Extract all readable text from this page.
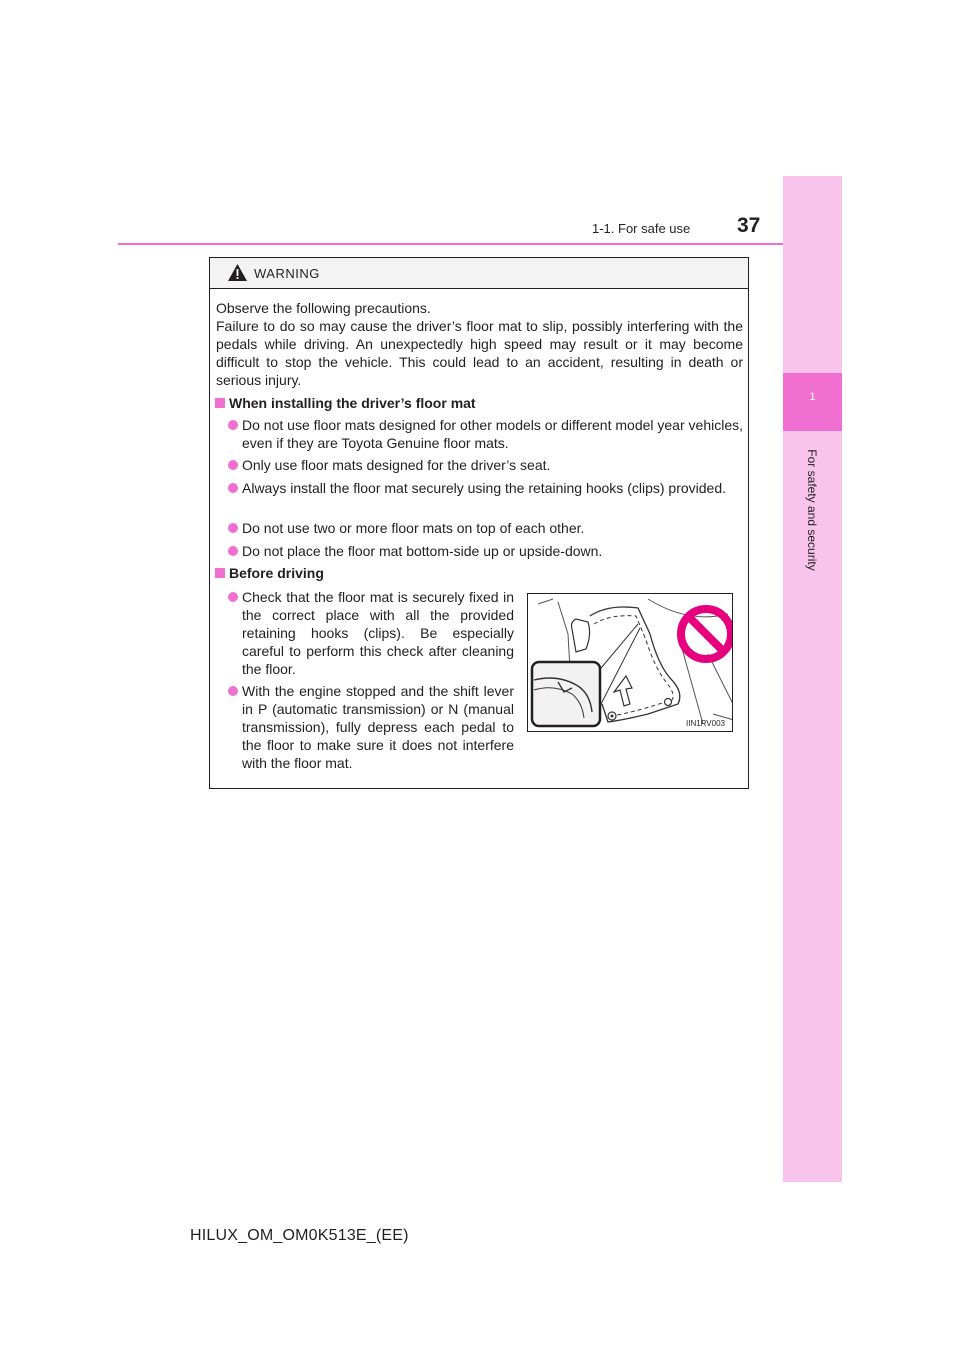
1
For safety and security
1-1. For safe use 37
WARNING

Observe the following precautions.

Failure to do so may cause the driver’s floor mat to slip, possibly interfering with the pedals while driving. An unexpectedly high speed may result or it may become difficult to stop the vehicle. This could lead to an accident, resulting in death or serious injury.

When installing the driver’s floor mat
Do not use floor mats designed for other models or different model year vehicles, even if they are Toyota Genuine floor mats.
Only use floor mats designed for the driver’s seat.
Always install the floor mat securely using the retaining hooks (clips) provided.
Do not use two or more floor mats on top of each other.
Do not place the floor mat bottom-side up or upside-down.
Before driving
Check that the floor mat is securely fixed in the correct place with all the provided retaining hooks (clips). Be especially careful to perform this check after cleaning the floor.
With the engine stopped and the shift lever in P (automatic transmission) or N (manual transmission), fully depress each pedal to the floor to make sure it does not interfere with the floor mat.
IIN1RV003
HILUX_OM_OM0K513E_(EE)
